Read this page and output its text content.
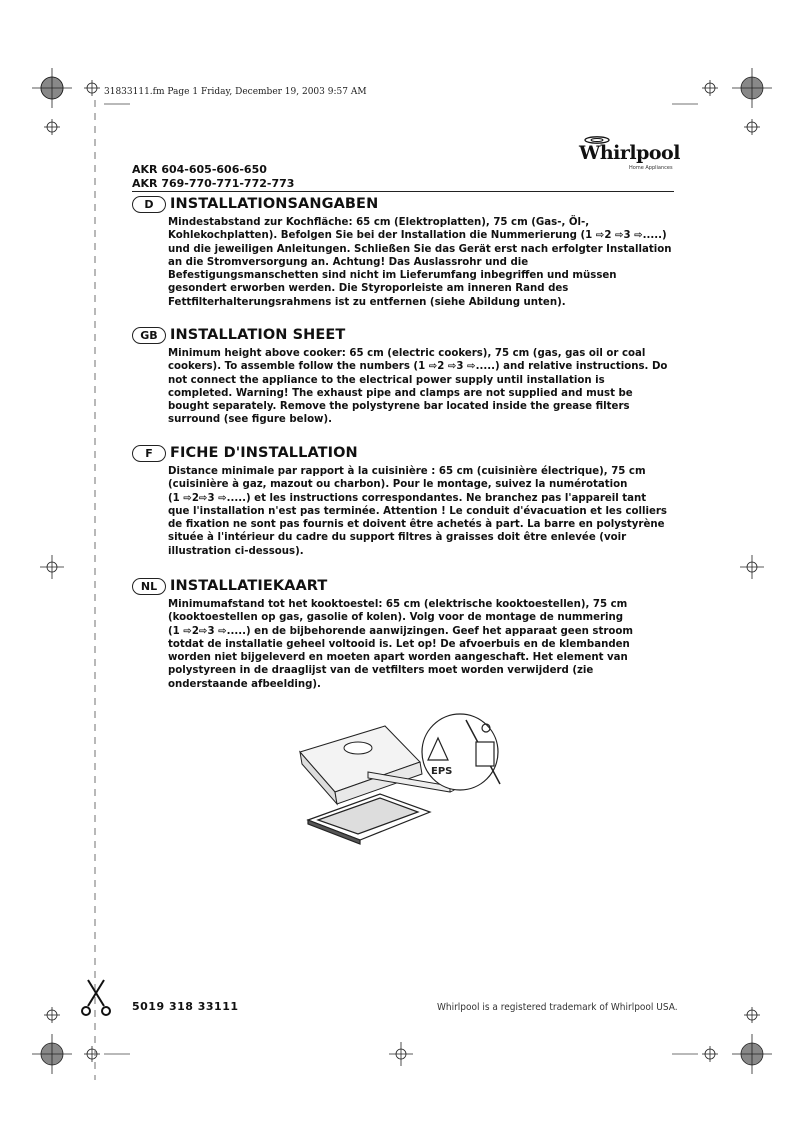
31833111.fm Page 1 Friday, December 19, 2003 9:57 AM
Whirlpool
Home Appliances
AKR 604-605-606-650
AKR 769-770-771-772-773
D	INSTALLATIONSANGABEN
Mindestabstand zur Kochfläche: 65 cm (Elektroplatten), 75 cm (Gas-, Öl-,
Kohlekochplatten). Befolgen Sie bei der Installation die Nummerierung (1 ⇨2 ⇨3 ⇨.....)
und die jeweiligen Anleitungen. Schließen Sie das Gerät erst nach erfolgter Installation
an die Stromversorgung an. Achtung! Das Auslassrohr und die
Befestigungsmanschetten sind nicht im Lieferumfang inbegriffen und müssen
gesondert erworben werden. Die Styroporleiste am inneren Rand des
Fettfilterhalterungsrahmens ist zu entfernen (siehe Abildung unten).
GB INSTALLATION SHEET
Minimum height above cooker: 65 cm (electric cookers), 75 cm (gas, gas oil or coal
cookers). To assemble follow the numbers (1 ⇨2 ⇨3 ⇨.....) and relative instructions. Do
not connect the appliance to the electrical power supply until installation is
completed. Warning! The exhaust pipe and clamps are not supplied and must be
bought separately. Remove the polystyrene bar located inside the grease filters
surround (see figure below).
F	FICHE D'INSTALLATION
Distance minimale par rapport à la cuisinière : 65 cm (cuisinière électrique), 75 cm
(cuisinière à gaz, mazout ou charbon). Pour le montage, suivez la numérotation
(1 ⇨2⇨3 ⇨.....) et les instructions correspondantes. Ne branchez pas l'appareil tant
que l'installation n'est pas terminée. Attention ! Le conduit d'évacuation et les colliers
de fixation ne sont pas fournis et doivent être achetés à part. La barre en polystyrène
située à l'intérieur du cadre du support filtres à graisses doit être enlevée (voir
illustration ci-dessous).
NL INSTALLATIEKAART
Minimumafstand tot het kooktoestel: 65 cm (elektrische kooktoestellen), 75 cm
(kooktoestellen op gas, gasolie of kolen). Volg voor de montage de nummering
(1 ⇨2⇨3 ⇨.....) en de bijbehorende aanwijzingen. Geef het apparaat geen stroom
totdat de installatie geheel voltooid is. Let op! De afvoerbuis en de klembanden
worden niet bijgeleverd en moeten apart worden aangeschaft. Het element van
polystyreen in de draaglijst van de vetfilters moet worden verwijderd (zie
onderstaande afbeelding).
EPS
5019 318 33111	Whirlpool is a registered trademark of Whirlpool USA.
